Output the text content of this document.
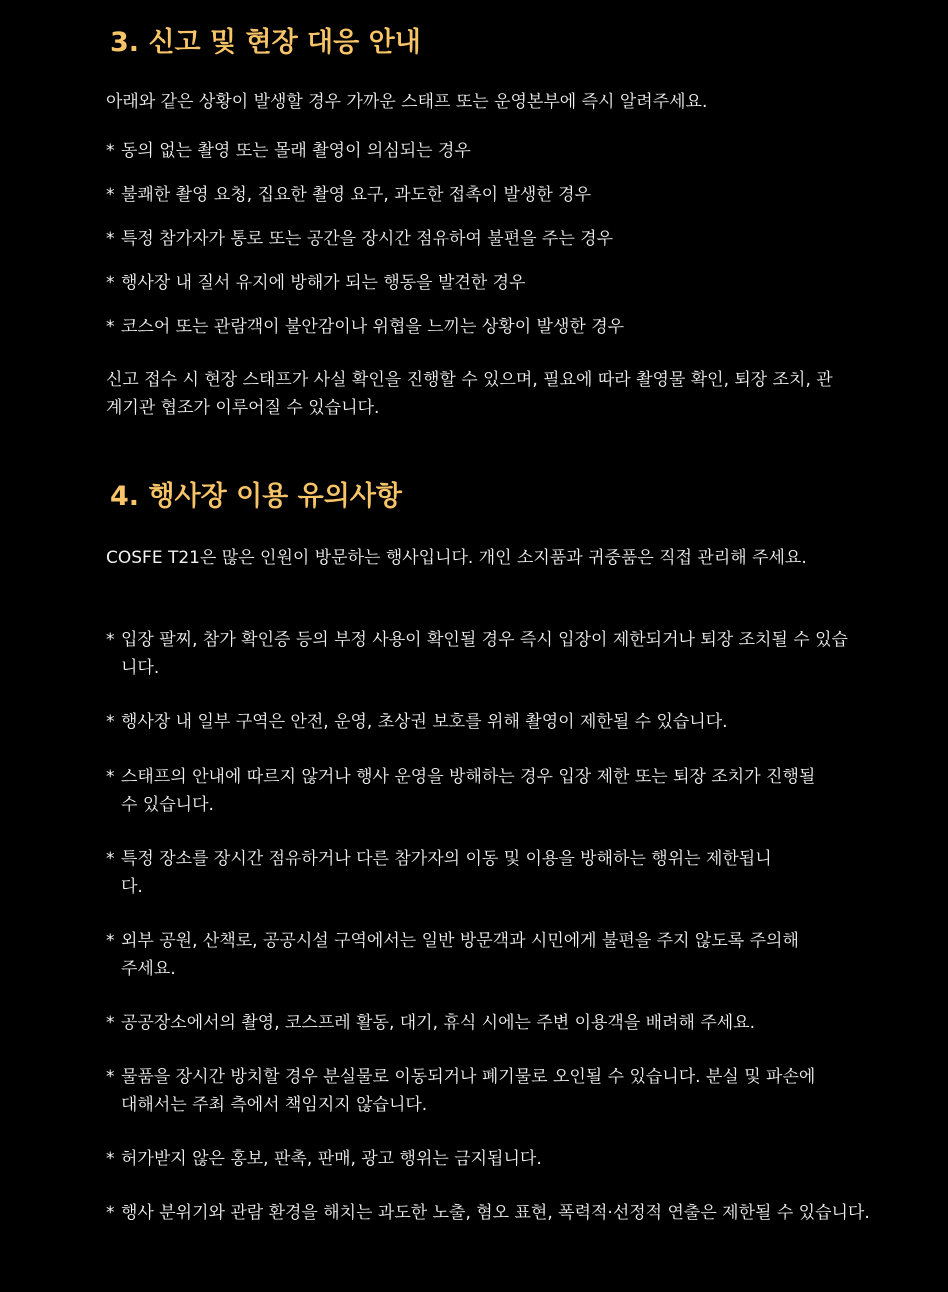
3. 신고 및 현장 대응 안내

아래와 같은 상황이 발생할 경우 가까운 스태프 또는 운영본부에 즉시 알려주세요.

* 동의 없는 촬영 또는 몰래 촬영이 의심되는 경우
* 불쾌한 촬영 요청, 집요한 촬영 요구, 과도한 접촉이 발생한 경우
* 특정 참가자가 통로 또는 공간을 장시간 점유하여 불편을 주는 경우
* 행사장 내 질서 유지에 방해가 되는 행동을 발견한 경우
* 코스어 또는 관람객이 불안감이나 위협을 느끼는 상황이 발생한 경우

신고 접수 시 현장 스태프가 사실 확인을 진행할 수 있으며, 필요에 따라 촬영물 확인, 퇴장 조치, 관계기관 협조가 이루어질 수 있습니다.

4. 행사장 이용 유의사항

COSFE T21은 많은 인원이 방문하는 행사입니다. 개인 소지품과 귀중품은 직접 관리해 주세요.

* 입장 팔찌, 참가 확인증 등의 부정 사용이 확인될 경우 즉시 입장이 제한되거나 퇴장 조치될 수 있습니다.
* 행사장 내 일부 구역은 안전, 운영, 초상권 보호를 위해 촬영이 제한될 수 있습니다.
* 스태프의 안내에 따르지 않거나 행사 운영을 방해하는 경우 입장 제한 또는 퇴장 조치가 진행될 수 있습니다.
* 특정 장소를 장시간 점유하거나 다른 참가자의 이동 및 이용을 방해하는 행위는 제한됩니다.
* 외부 공원, 산책로, 공공시설 구역에서는 일반 방문객과 시민에게 불편을 주지 않도록 주의해 주세요.
* 공공장소에서의 촬영, 코스프레 활동, 대기, 휴식 시에는 주변 이용객을 배려해 주세요.
* 물품을 장시간 방치할 경우 분실물로 이동되거나 폐기물로 오인될 수 있습니다. 분실 및 파손에 대해서는 주최 측에서 책임지지 않습니다.
* 허가받지 않은 홍보, 판촉, 판매, 광고 행위는 금지됩니다.
* 행사 분위기와 관람 환경을 해치는 과도한 노출, 혐오 표현, 폭력적·선정적 연출은 제한될 수 있습니다.
